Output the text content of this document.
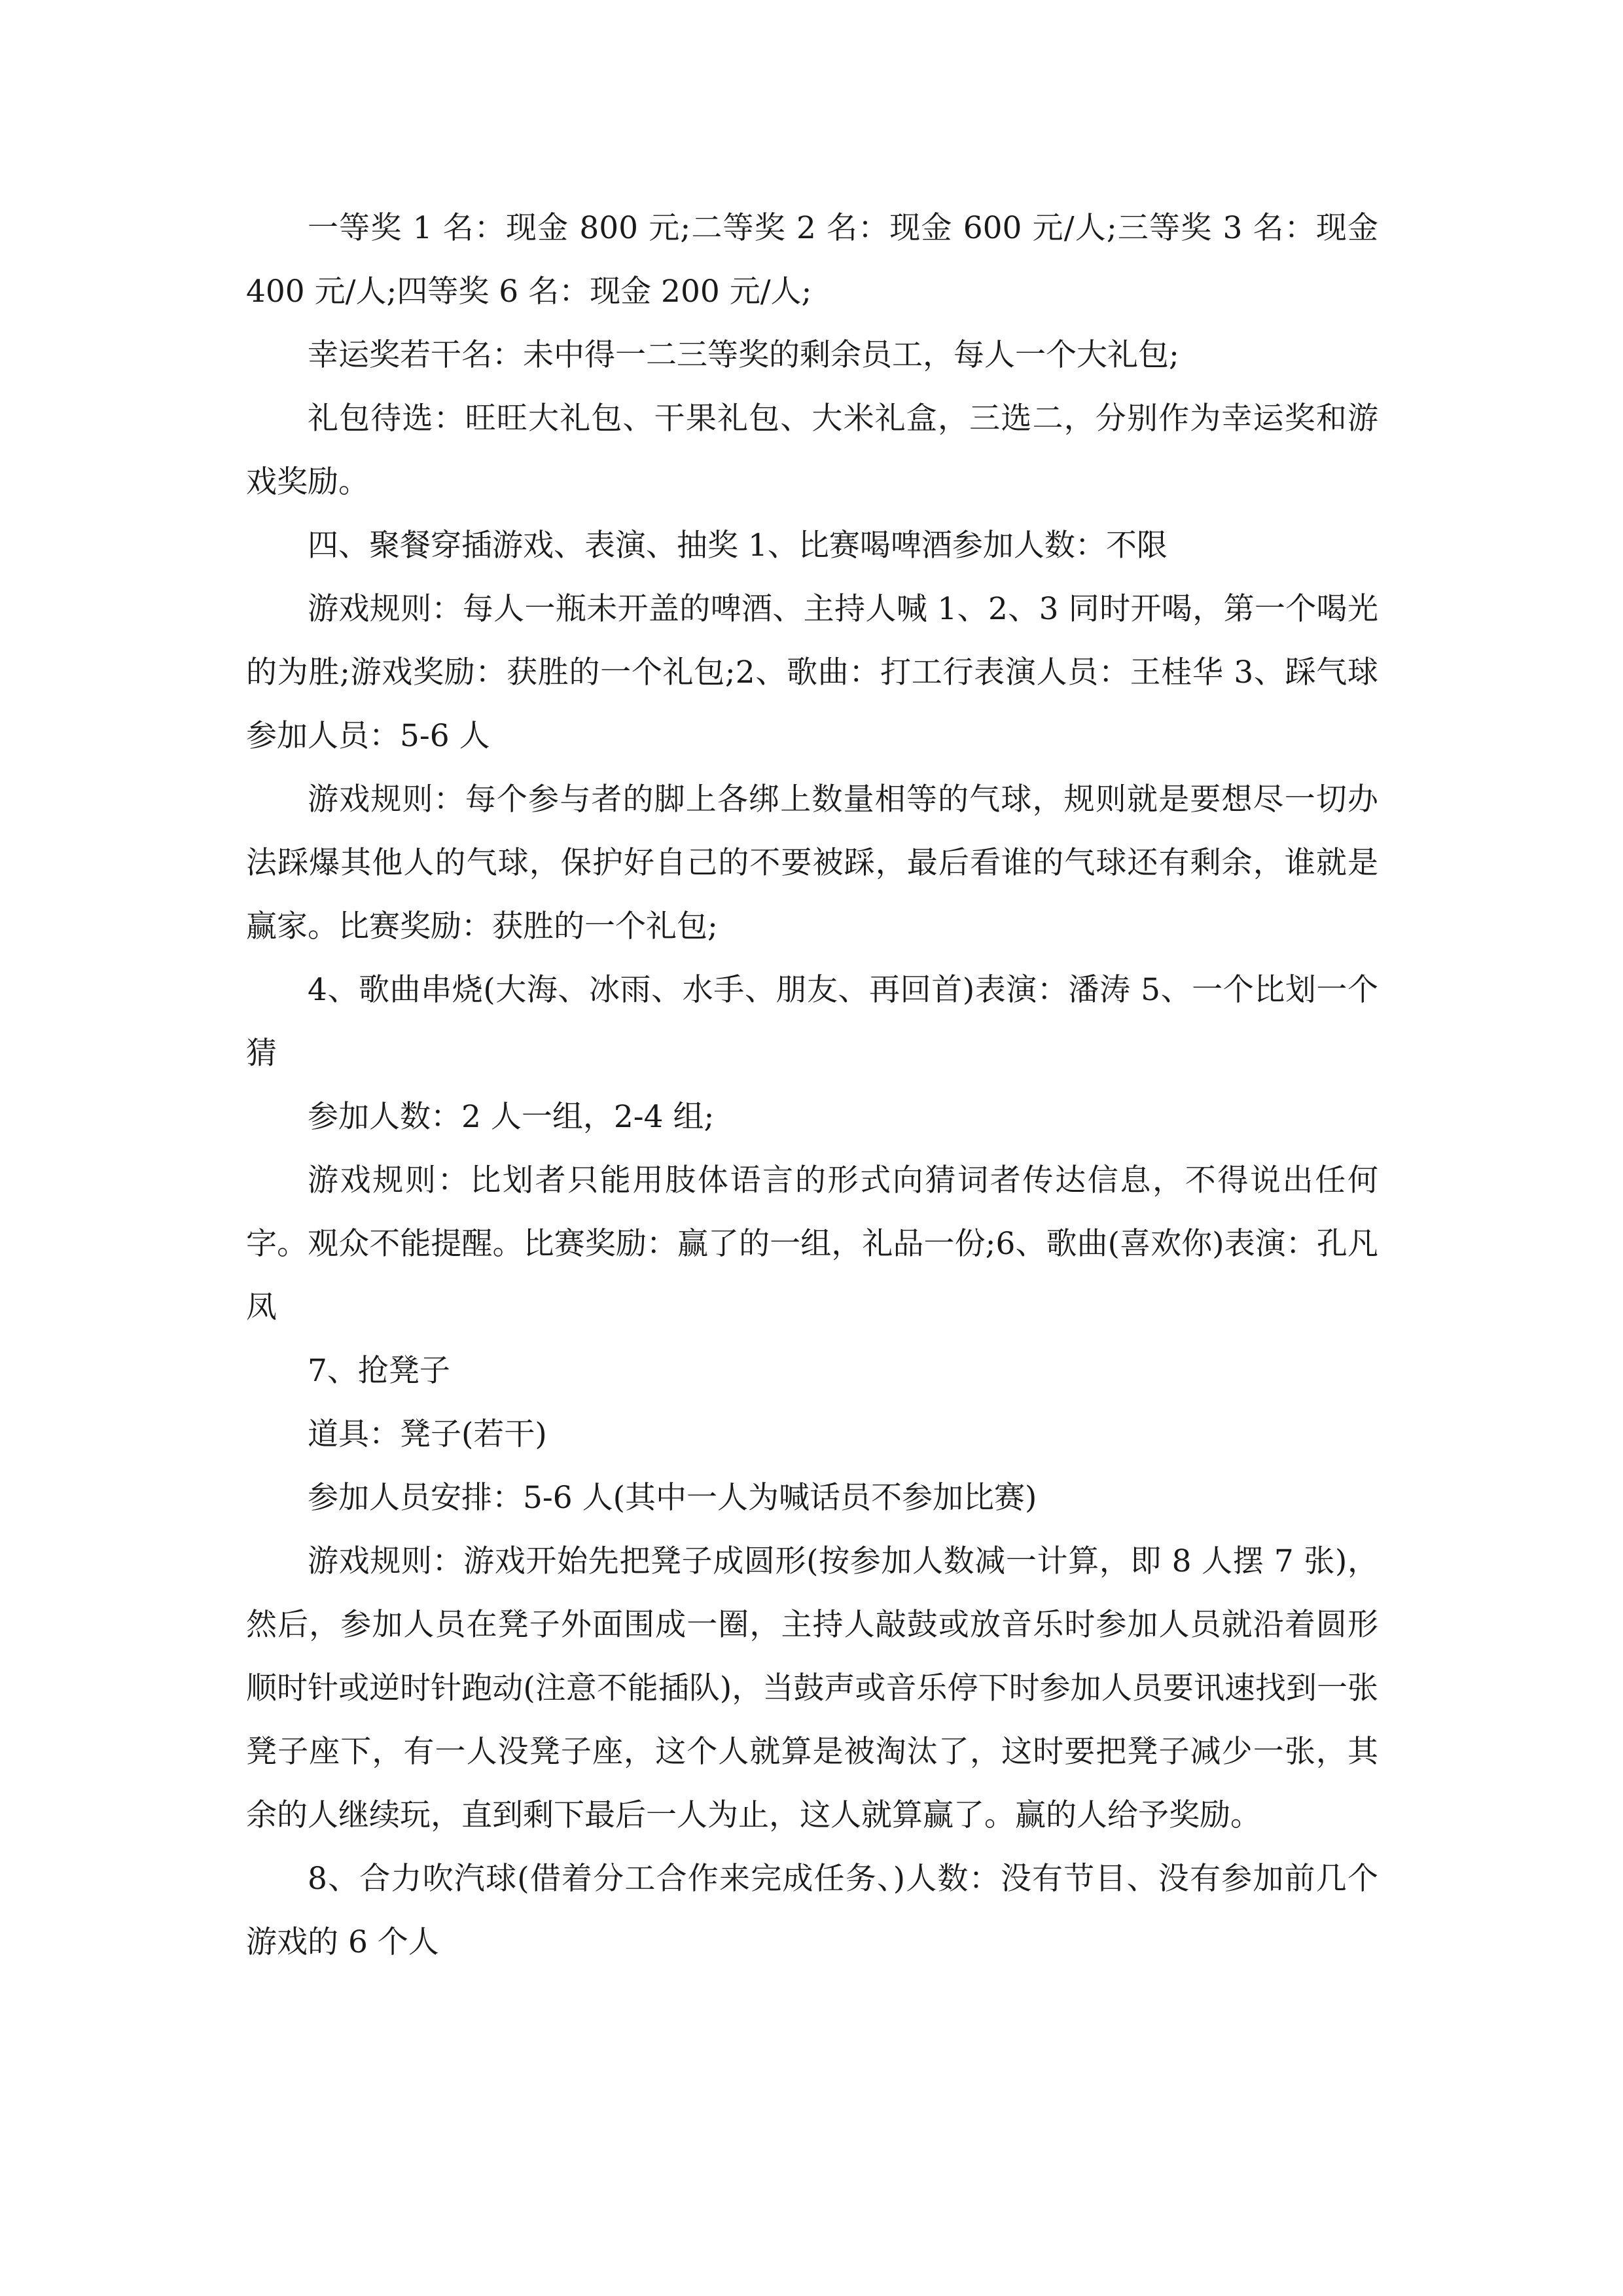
一等奖 1 名：现金 800 元;二等奖 2 名：现金 600 元/人;三等奖 3 名：现金 400 元/人;四等奖 6 名：现金 200 元/人;

幸运奖若干名：未中得一二三等奖的剩余员工，每人一个大礼包;

礼包待选：旺旺大礼包、干果礼包、大米礼盒，三选二，分别作为幸运奖和游戏奖励。

四、聚餐穿插游戏、表演、抽奖 1、比赛喝啤酒参加人数：不限

游戏规则：每人一瓶未开盖的啤酒、主持人喊 1、2、3 同时开喝，第一个喝光的为胜;游戏奖励：获胜的一个礼包;2、歌曲：打工行表演人员：王桂华 3、踩气球参加人员：5-6 人

游戏规则：每个参与者的脚上各绑上数量相等的气球，规则就是要想尽一切办法踩爆其他人的气球，保护好自己的不要被踩，最后看谁的气球还有剩余，谁就是赢家。比赛奖励：获胜的一个礼包;

4、歌曲串烧(大海、冰雨、水手、朋友、再回首)表演：潘涛 5、一个比划一个猜

参加人数：2 人一组，2-4 组;

游戏规则：比划者只能用肢体语言的形式向猜词者传达信息，不得说出任何字。观众不能提醒。比赛奖励：赢了的一组，礼品一份;6、歌曲(喜欢你)表演：孔凡凤

7、抢凳子

道具：凳子(若干)

参加人员安排：5-6 人(其中一人为喊话员不参加比赛)

游戏规则：游戏开始先把凳子成圆形(按参加人数减一计算，即 8 人摆 7 张)，然后，参加人员在凳子外面围成一圈，主持人敲鼓或放音乐时参加人员就沿着圆形顺时针或逆时针跑动(注意不能插队)，当鼓声或音乐停下时参加人员要讯速找到一张凳子座下，有一人没凳子座，这个人就算是被淘汰了，这时要把凳子减少一张，其余的人继续玩，直到剩下最后一人为止，这人就算赢了。赢的人给予奖励。

8、合力吹汽球(借着分工合作来完成任务、)人数：没有节目、没有参加前几个游戏的 6 个人
